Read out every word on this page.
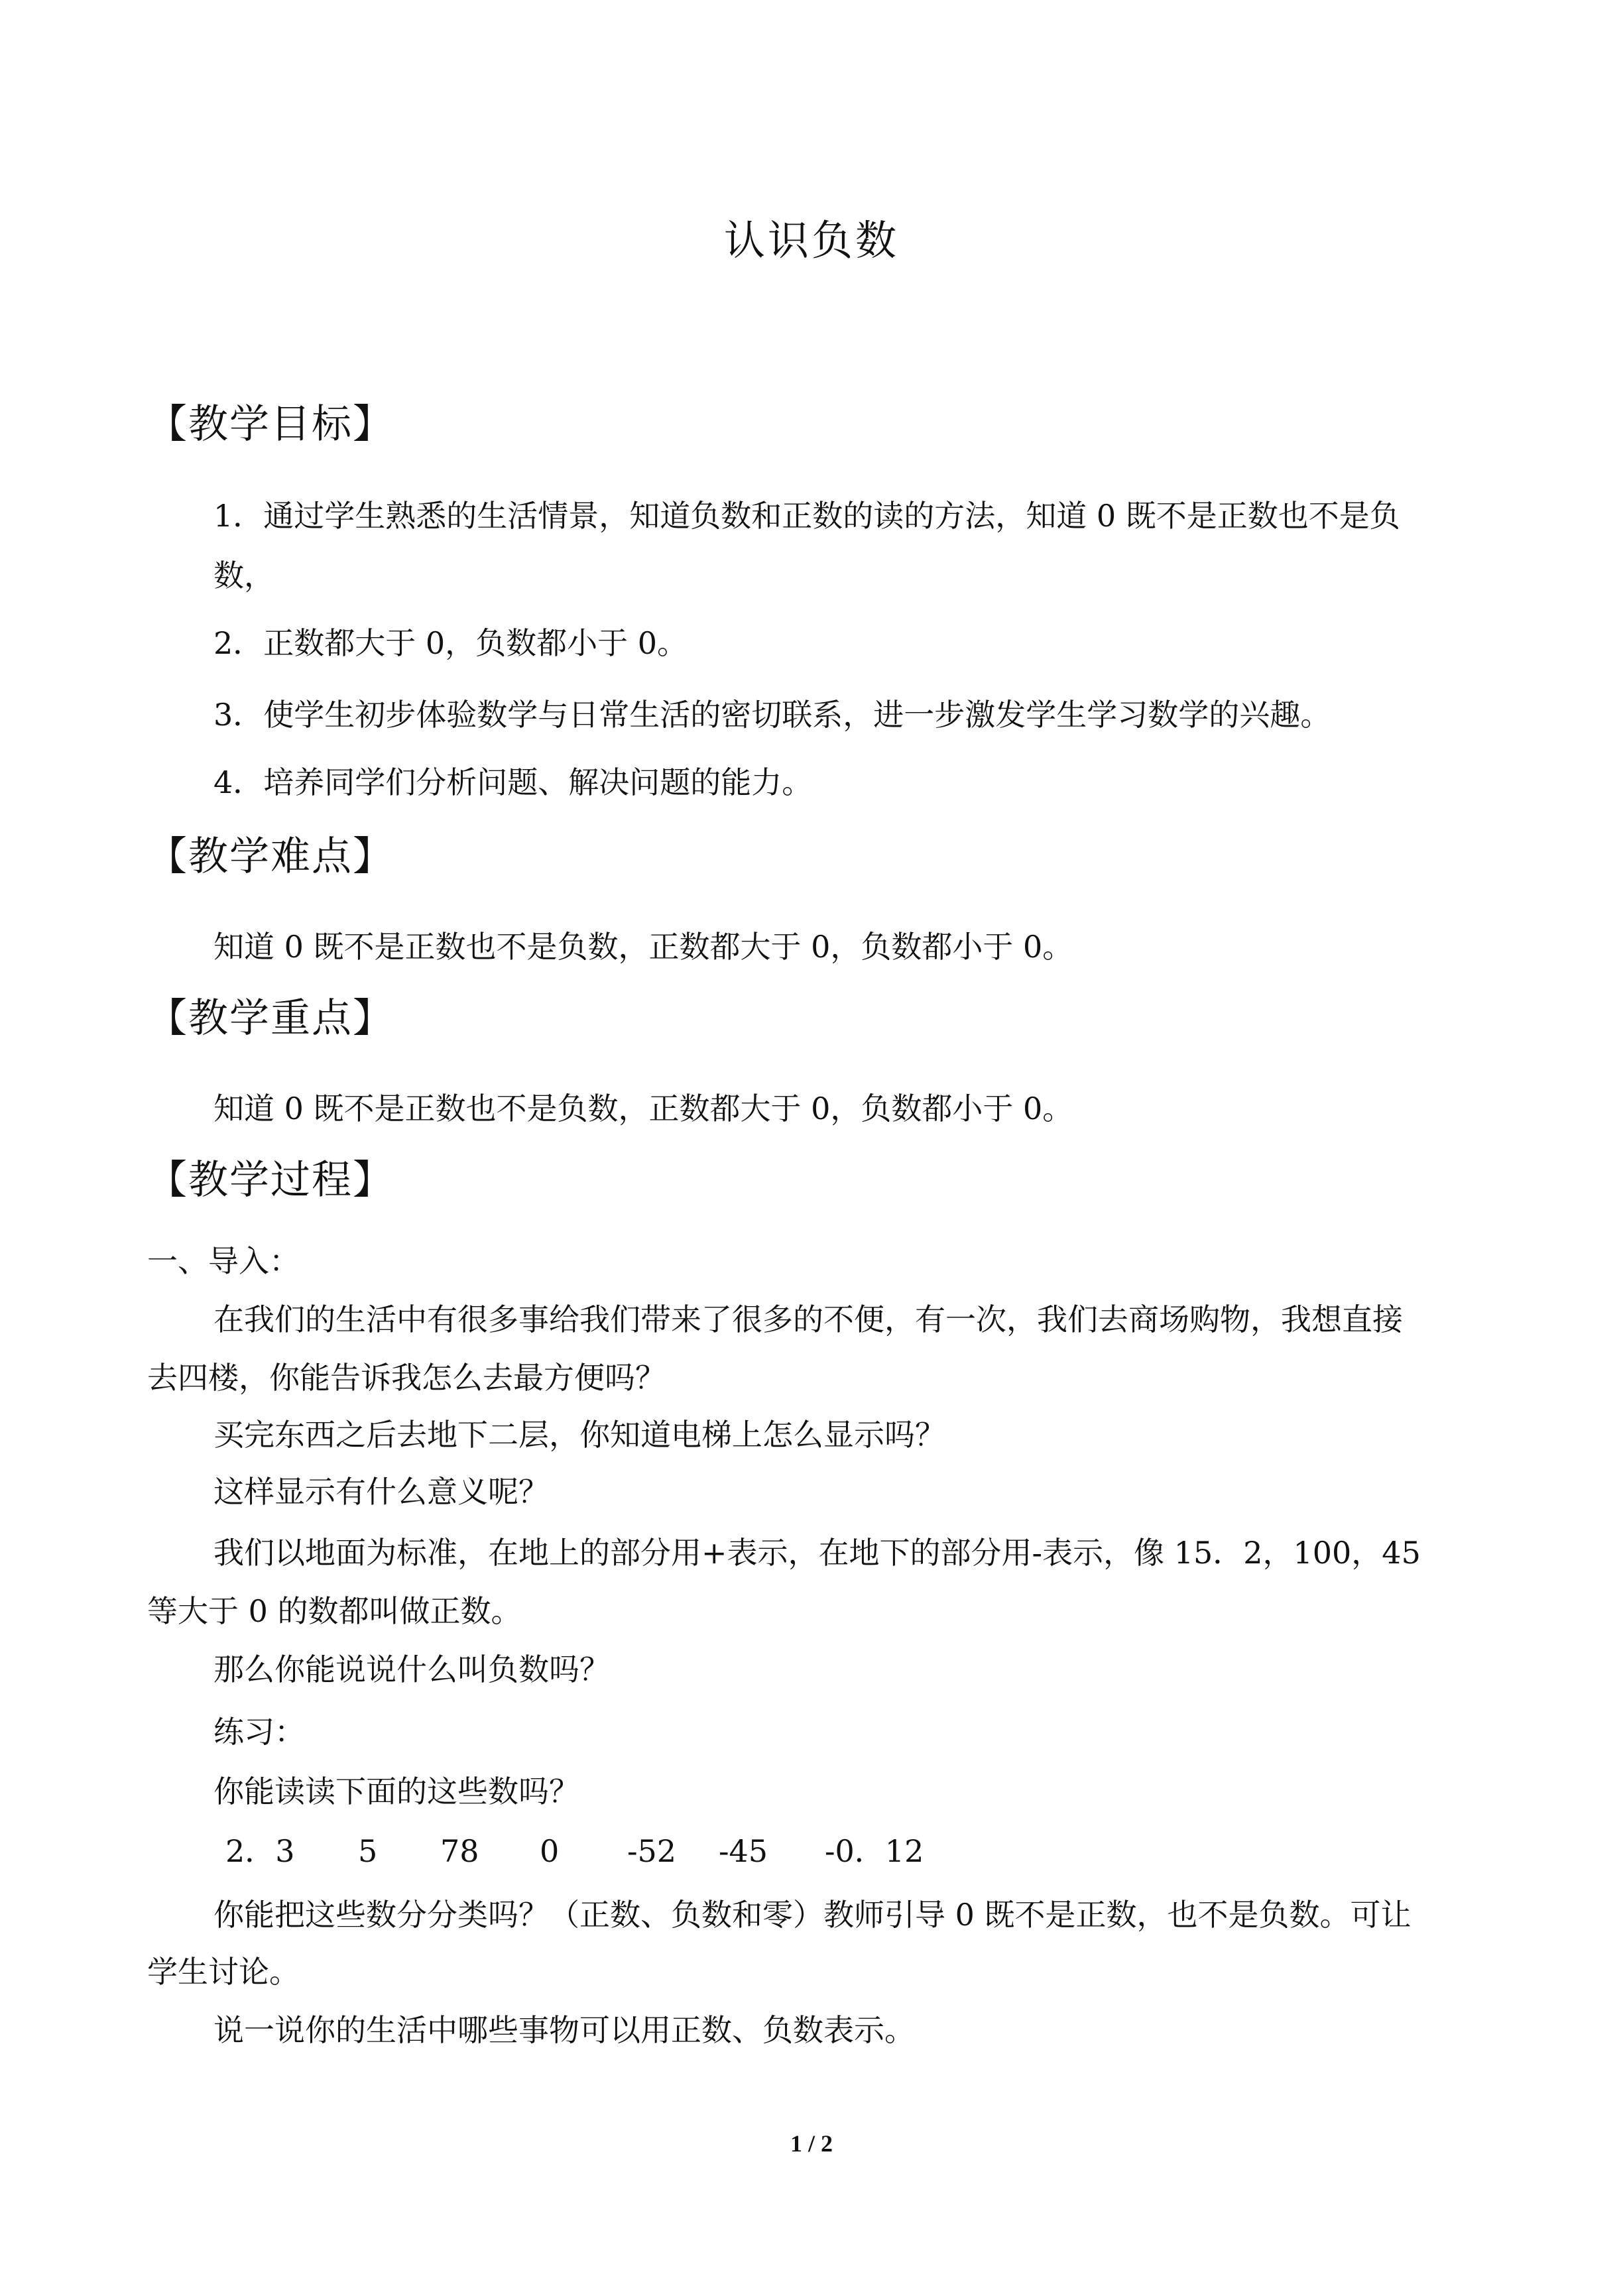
认识负数
【教学目标】
1．通过学生熟悉的生活情景，知道负数和正数的读的方法，知道 0 既不是正数也不是负
数，
2．正数都大于 0，负数都小于 0。
3．使学生初步体验数学与日常生活的密切联系，进一步激发学生学习数学的兴趣。
4．培养同学们分析问题、解决问题的能力。
【教学难点】
知道 0 既不是正数也不是负数，正数都大于 0，负数都小于 0。
【教学重点】
知道 0 既不是正数也不是负数，正数都大于 0，负数都小于 0。
【教学过程】
一、导入：
在我们的生活中有很多事给我们带来了很多的不便，有一次，我们去商场购物，我想直接
去四楼，你能告诉我怎么去最方便吗？
买完东西之后去地下二层，你知道电梯上怎么显示吗？
这样显示有什么意义呢？
我们以地面为标准，在地上的部分用+表示，在地下的部分用-表示，像 15．2，100，45
等大于 0 的数都叫做正数。
那么你能说说什么叫负数吗？
练习：
你能读读下面的这些数吗？
2．3 5 78 0 -52 -45 -0．12
你能把这些数分分类吗？（正数、负数和零）教师引导 0 既不是正数，也不是负数。可让
学生讨论。
说一说你的生活中哪些事物可以用正数、负数表示。
1 / 2
